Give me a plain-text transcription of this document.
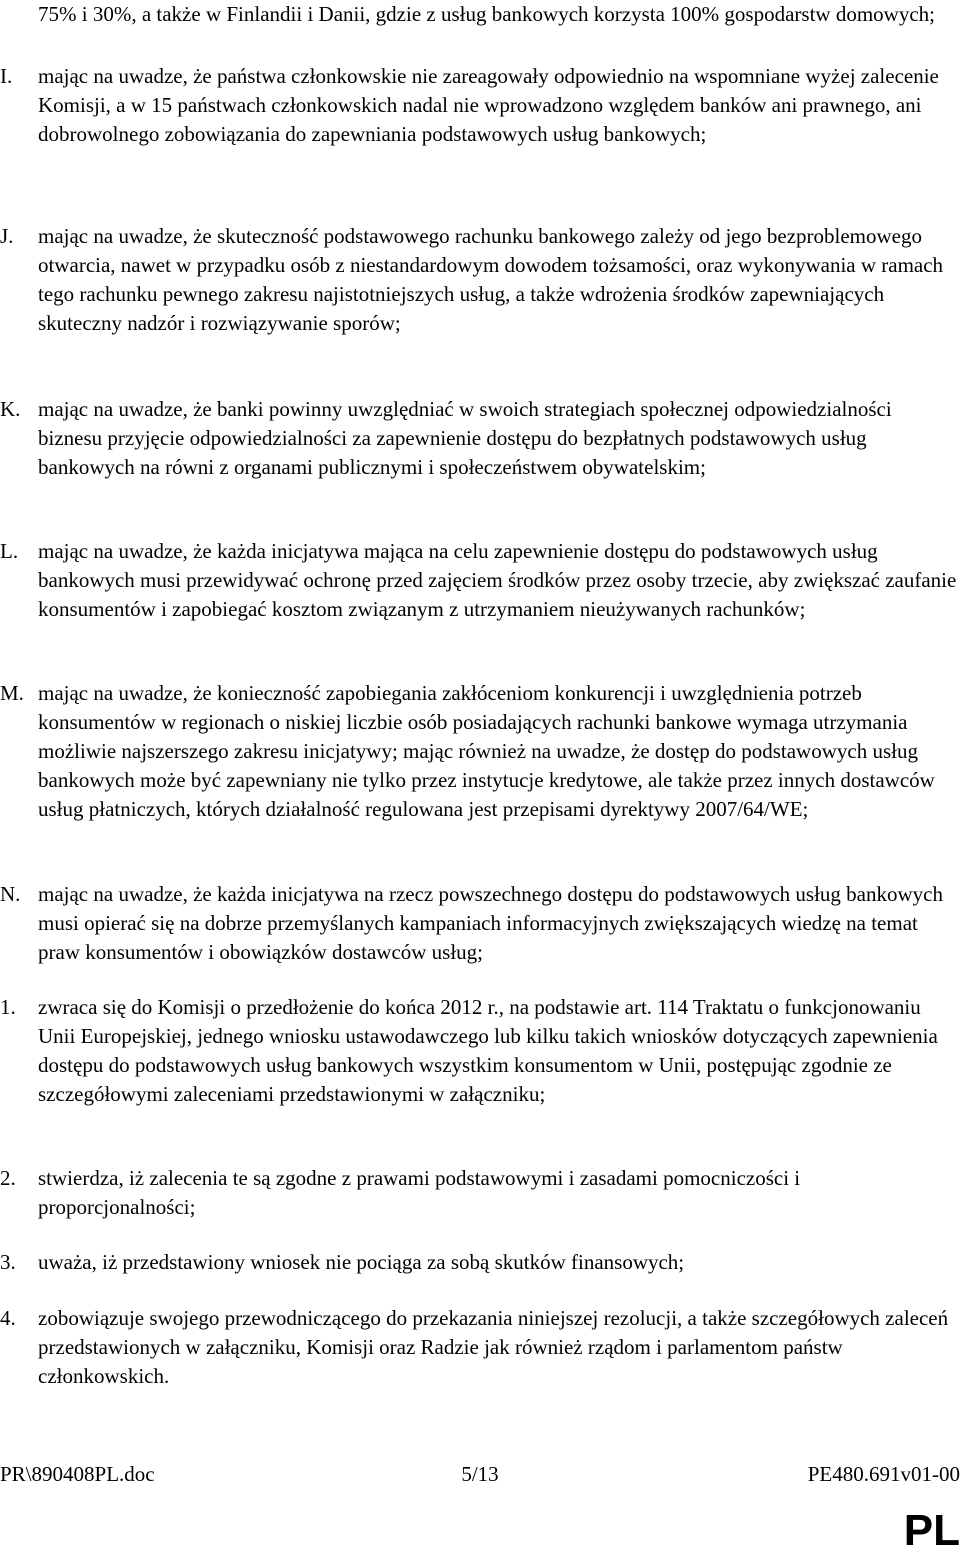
75% i 30%, a także w Finlandii i Danii, gdzie z usług bankowych korzysta 100% gospodarstw domowych;
I. mając na uwadze, że państwa członkowskie nie zareagowały odpowiednio na wspomniane wyżej zalecenie Komisji, a w 15 państwach członkowskich nadal nie wprowadzono względem banków ani prawnego, ani dobrowolnego zobowiązania do zapewniania podstawowych usług bankowych;
J. mając na uwadze, że skuteczność podstawowego rachunku bankowego zależy od jego bezproblemowego otwarcia, nawet w przypadku osób z niestandardowym dowodem tożsamości, oraz wykonywania w ramach tego rachunku pewnego zakresu najistotniejszych usług, a także wdrożenia środków zapewniających skuteczny nadzór i rozwiązywanie sporów;
K. mając na uwadze, że banki powinny uwzględniać w swoich strategiach społecznej odpowiedzialności biznesu przyjęcie odpowiedzialności za zapewnienie dostępu do bezpłatnych podstawowych usług bankowych na równi z organami publicznymi i społeczeństwem obywatelskim;
L. mając na uwadze, że każda inicjatywa mająca na celu zapewnienie dostępu do podstawowych usług bankowych musi przewidywać ochronę przed zajęciem środków przez osoby trzecie, aby zwiększać zaufanie konsumentów i zapobiegać kosztom związanym z utrzymaniem nieużywanych rachunków;
M. mając na uwadze, że konieczność zapobiegania zakłóceniom konkurencji i uwzględnienia potrzeb konsumentów w regionach o niskiej liczbie osób posiadających rachunki bankowe wymaga utrzymania możliwie najszerszego zakresu inicjatywy; mając również na uwadze, że dostęp do podstawowych usług bankowych może być zapewniany nie tylko przez instytucje kredytowe, ale także przez innych dostawców usług płatniczych, których działalność regulowana jest przepisami dyrektywy 2007/64/WE;
N. mając na uwadze, że każda inicjatywa na rzecz powszechnego dostępu do podstawowych usług bankowych musi opierać się na dobrze przemyślanych kampaniach informacyjnych zwiększających wiedzę na temat praw konsumentów i obowiązków dostawców usług;
1. zwraca się do Komisji o przedłożenie do końca 2012 r., na podstawie art. 114 Traktatu o funkcjonowaniu Unii Europejskiej, jednego wniosku ustawodawczego lub kilku takich wniosków dotyczących zapewnienia dostępu do podstawowych usług bankowych wszystkim konsumentom w Unii, postępując zgodnie ze szczegółowymi zaleceniami przedstawionymi w załączniku;
2. stwierdza, iż zalecenia te są zgodne z prawami podstawowymi i zasadami pomocniczości i proporcjonalności;
3. uważa, iż przedstawiony wniosek nie pociąga za sobą skutków finansowych;
4. zobowiązuje swojego przewodniczącego do przekazania niniejszej rezolucji, a także szczegółowych zaleceń przedstawionych w załączniku, Komisji oraz Radzie jak również rządom i parlamentom państw członkowskich.
PR\890408PL.doc	5/13	PE480.691v01-00
PL
